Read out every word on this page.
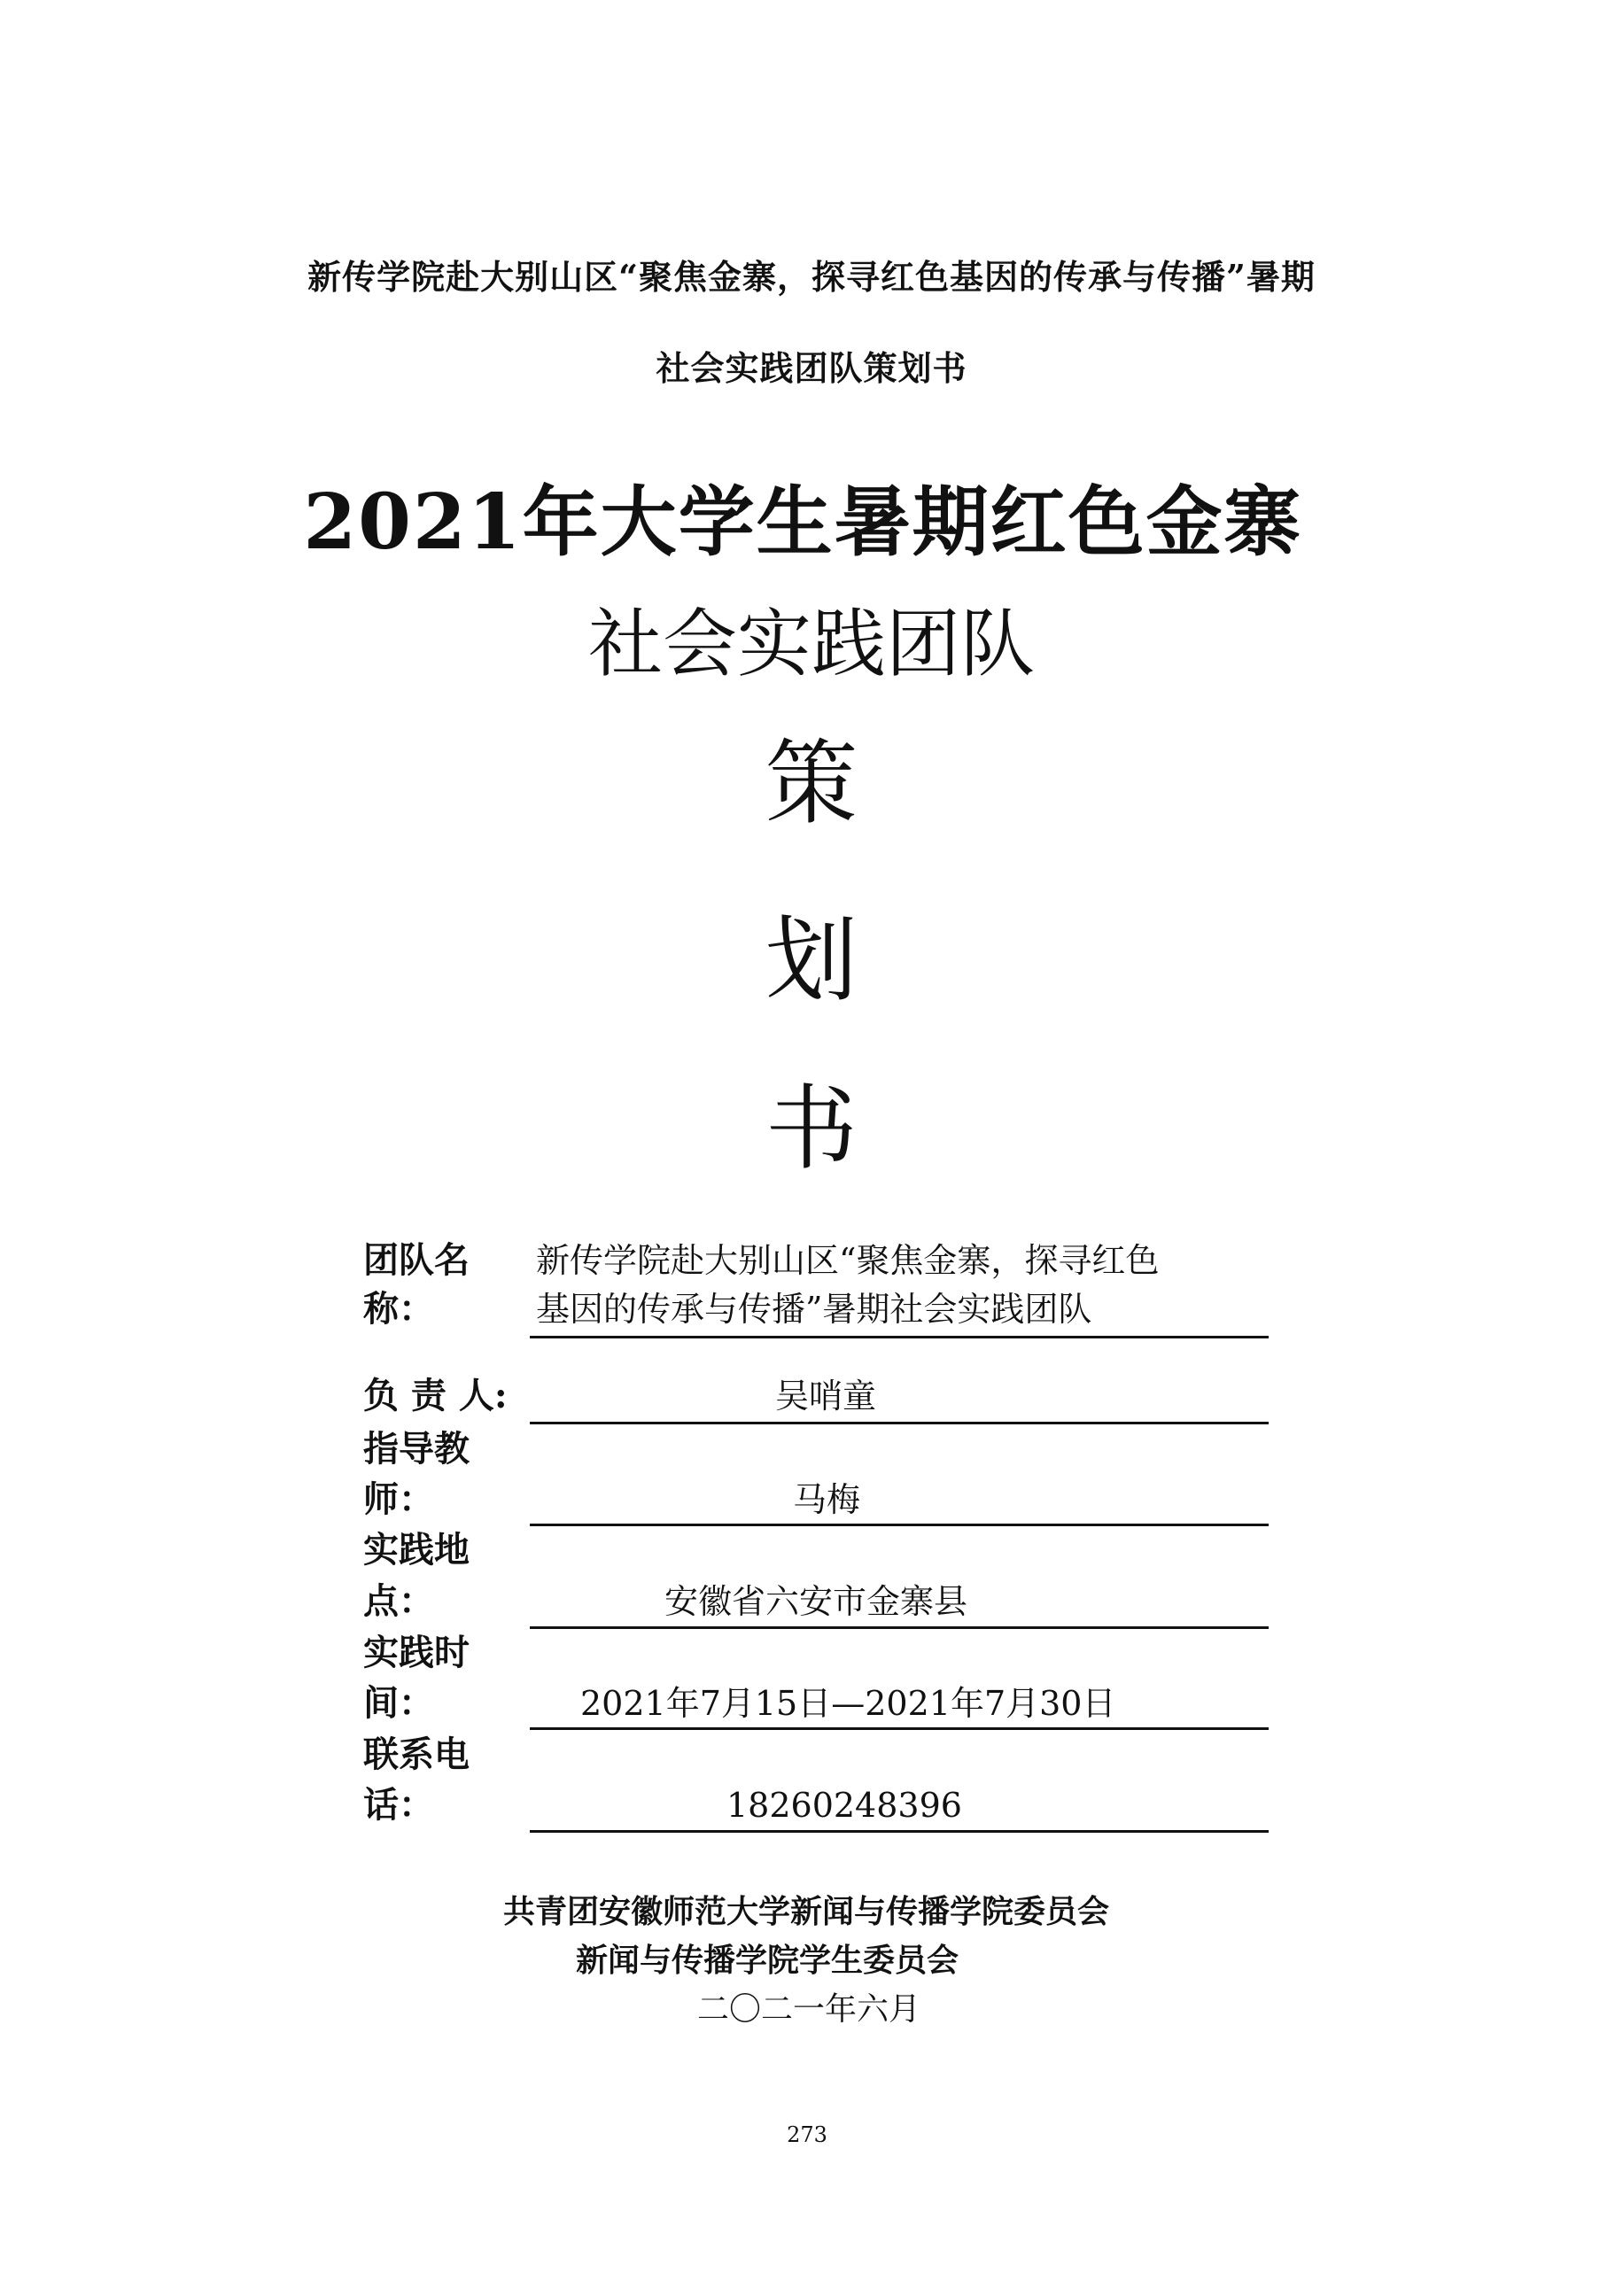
新传学院赴大别山区“聚焦金寨，探寻红色基因的传承与传播”暑期
社会实践团队策划书
2021年大学生暑期红色金寨
社会实践团队
策
划
书
团队名
称：
新传学院赴大别山区“聚焦金寨，探寻红色
基因的传承与传播”暑期社会实践团队
负 责 人:	吴哨童
指导教
师：	马梅
实践地
点：	安徽省六安市金寨县
实践时
间：	2021年7月15日—2021年7月30日
联系电
话：	18260248396
共青团安徽师范大学新闻与传播学院委员会
新闻与传播学院学生委员会
二〇二一年六月
273
